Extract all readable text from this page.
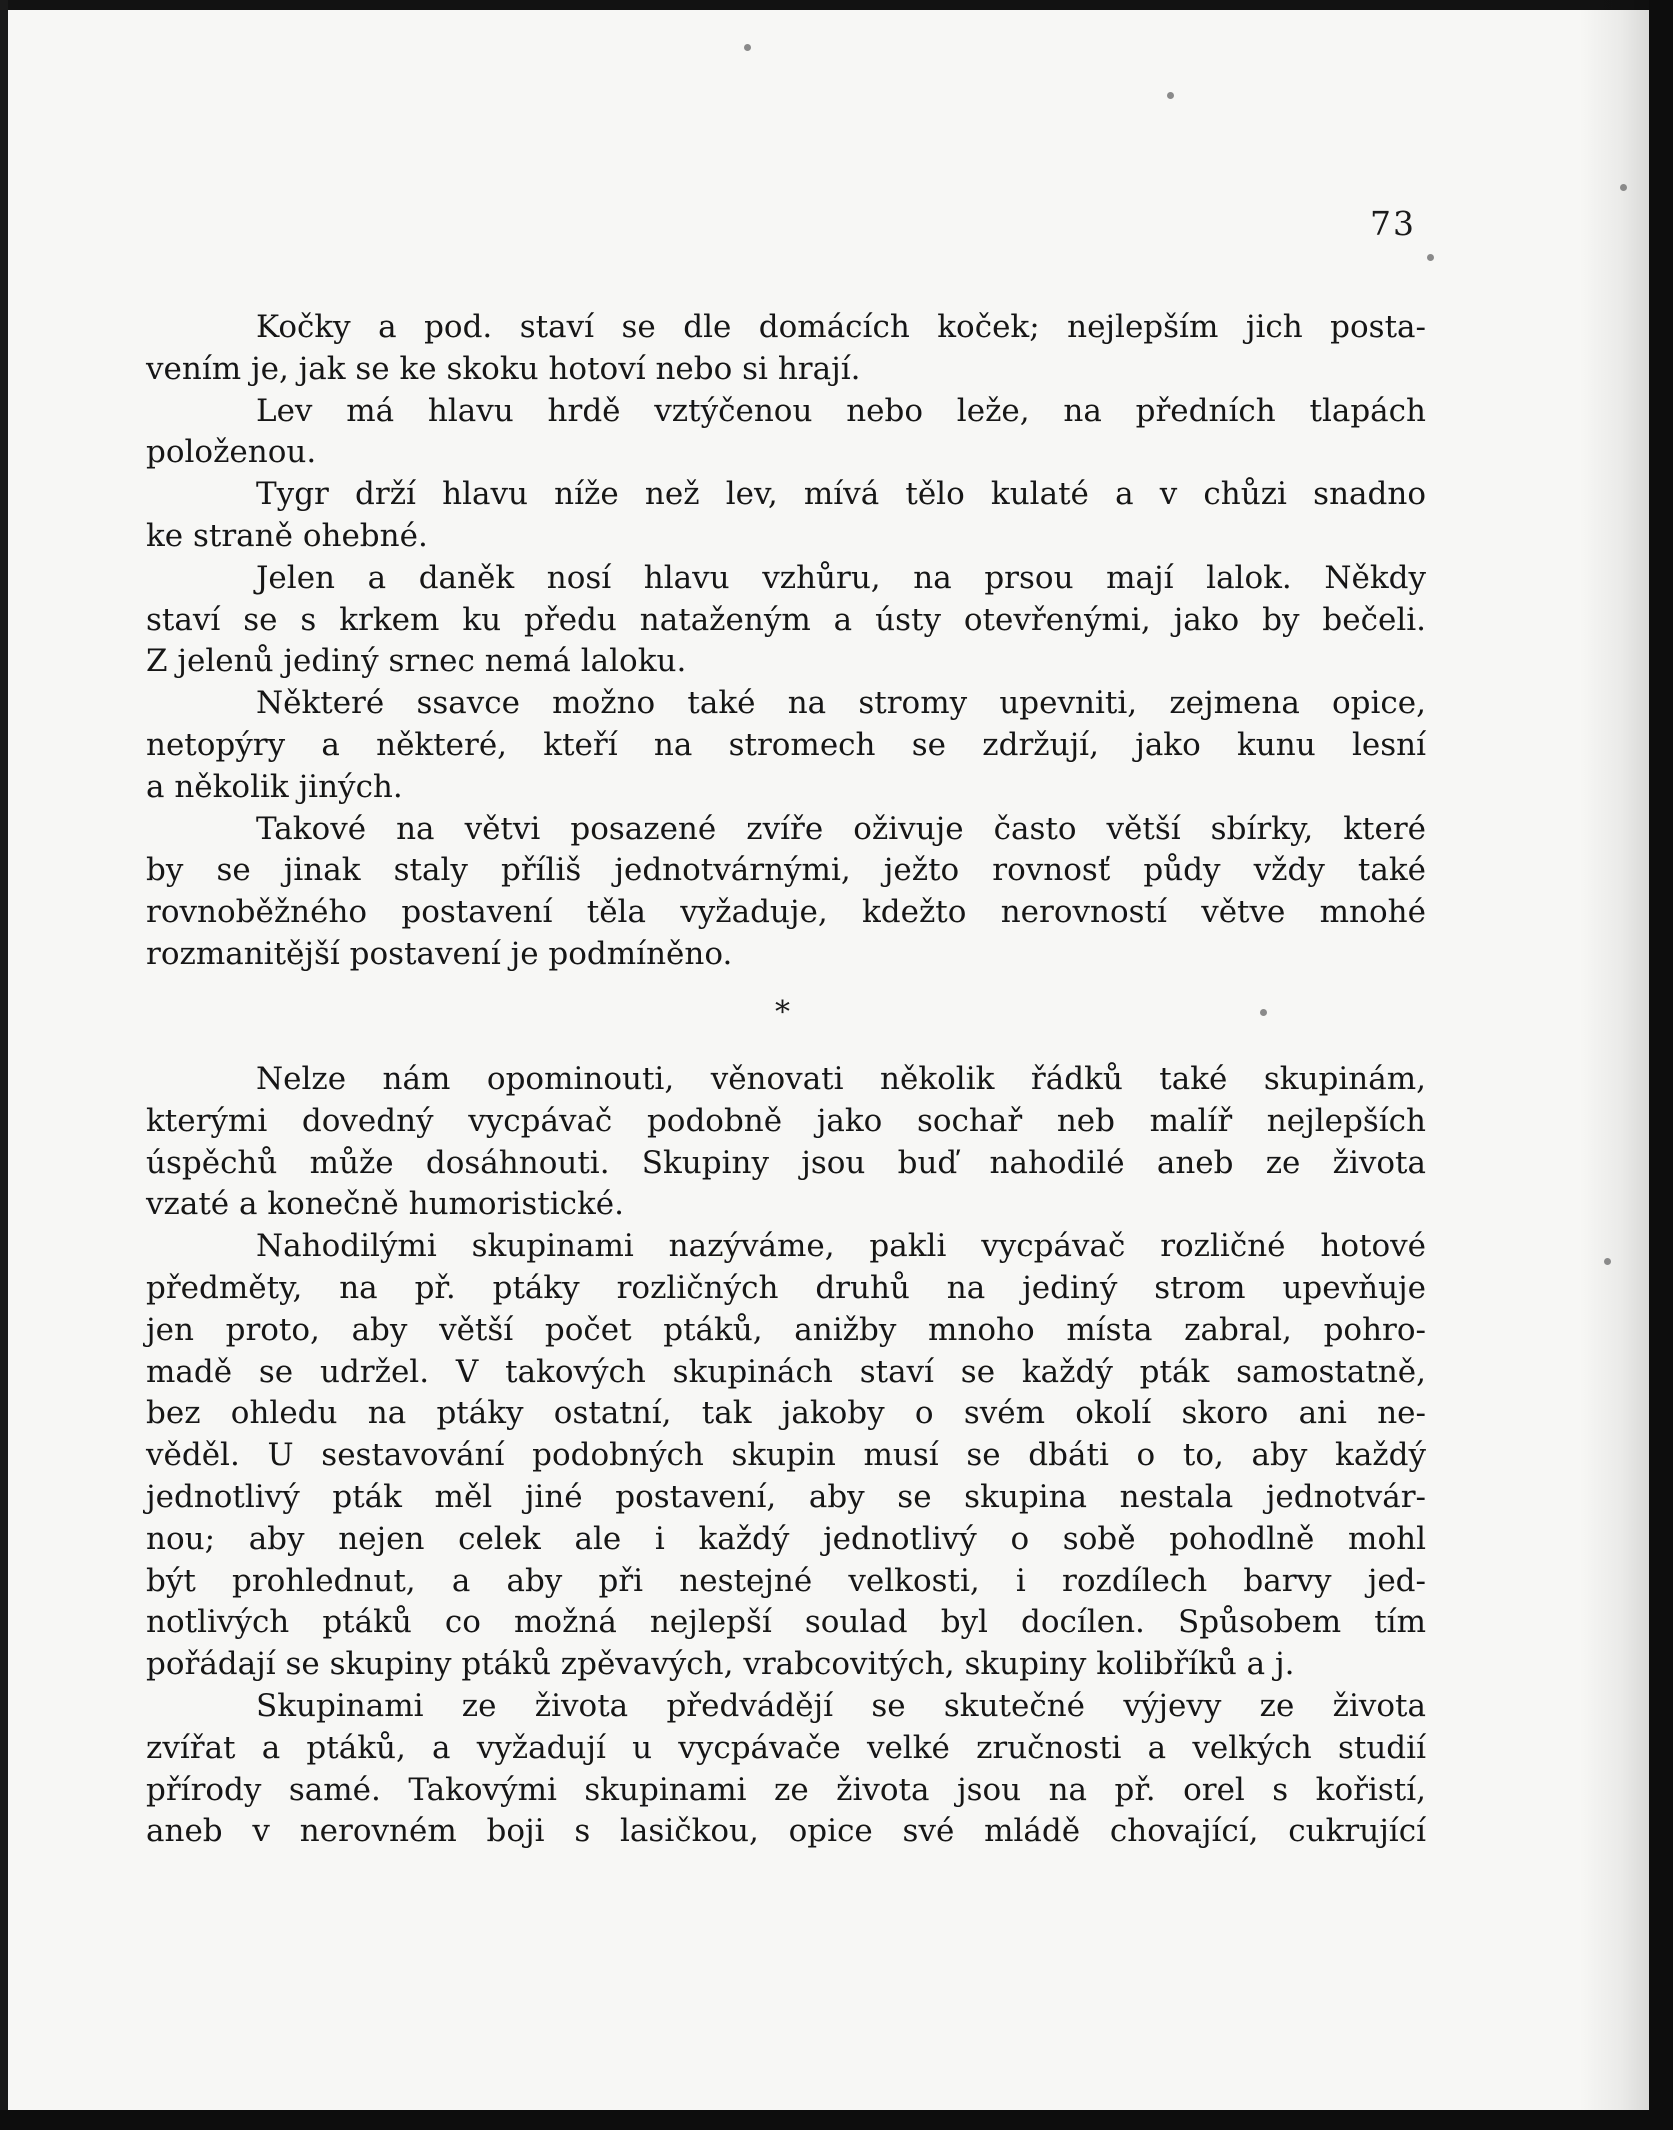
73
Kočky a pod. staví se dle domácích koček; nejlepším jich posta-
vením je, jak se ke skoku hotoví nebo si hrají.
Lev má hlavu hrdě vztýčenou nebo leže, na předních tlapách
položenou.
Tygr drží hlavu níže než lev, mívá tělo kulaté a v chůzi snadno
ke straně ohebné.
Jelen a daněk nosí hlavu vzhůru, na prsou mají lalok. Někdy
staví se s krkem ku předu nataženým a ústy otevřenými, jako by bečeli.
Z jelenů jediný srnec nemá laloku.
Některé ssavce možno také na stromy upevniti, zejmena opice,
netopýry a některé, kteří na stromech se zdržují, jako kunu lesní
a několik jiných.
Takové na větvi posazené zvíře oživuje často větší sbírky, které
by se jinak staly příliš jednotvárnými, ježto rovnosť půdy vždy také
rovnoběžného postavení těla vyžaduje, kdežto nerovností větve mnohé
rozmanitější postavení je podmíněno.
*
Nelze nám opominouti, věnovati několik řádků také skupinám,
kterými dovedný vycpávač podobně jako sochař neb malíř nejlepších
úspěchů může dosáhnouti. Skupiny jsou buď nahodilé aneb ze života
vzaté a konečně humoristické.
Nahodilými skupinami nazýváme, pakli vycpávač rozličné hotové
předměty, na př. ptáky rozličných druhů na jediný strom upevňuje
jen proto, aby větší počet ptáků, anižby mnoho místa zabral, pohro-
madě se udržel. V takových skupinách staví se každý pták samostatně,
bez ohledu na ptáky ostatní, tak jakoby o svém okolí skoro ani ne-
věděl. U sestavování podobných skupin musí se dbáti o to, aby každý
jednotlivý pták měl jiné postavení, aby se skupina nestala jednotvár-
nou; aby nejen celek ale i každý jednotlivý o sobě pohodlně mohl
být prohlednut, a aby při nestejné velkosti, i rozdílech barvy jed-
notlivých ptáků co možná nejlepší soulad byl docílen. Spůsobem tím
pořádají se skupiny ptáků zpěvavých, vrabcovitých, skupiny kolibříků a j.
Skupinami ze života předvádějí se skutečné výjevy ze života
zvířat a ptáků, a vyžadují u vycpávače velké zručnosti a velkých studií
přírody samé. Takovými skupinami ze života jsou na př. orel s kořistí,
aneb v nerovném boji s lasičkou, opice své mládě chovající, cukrující
